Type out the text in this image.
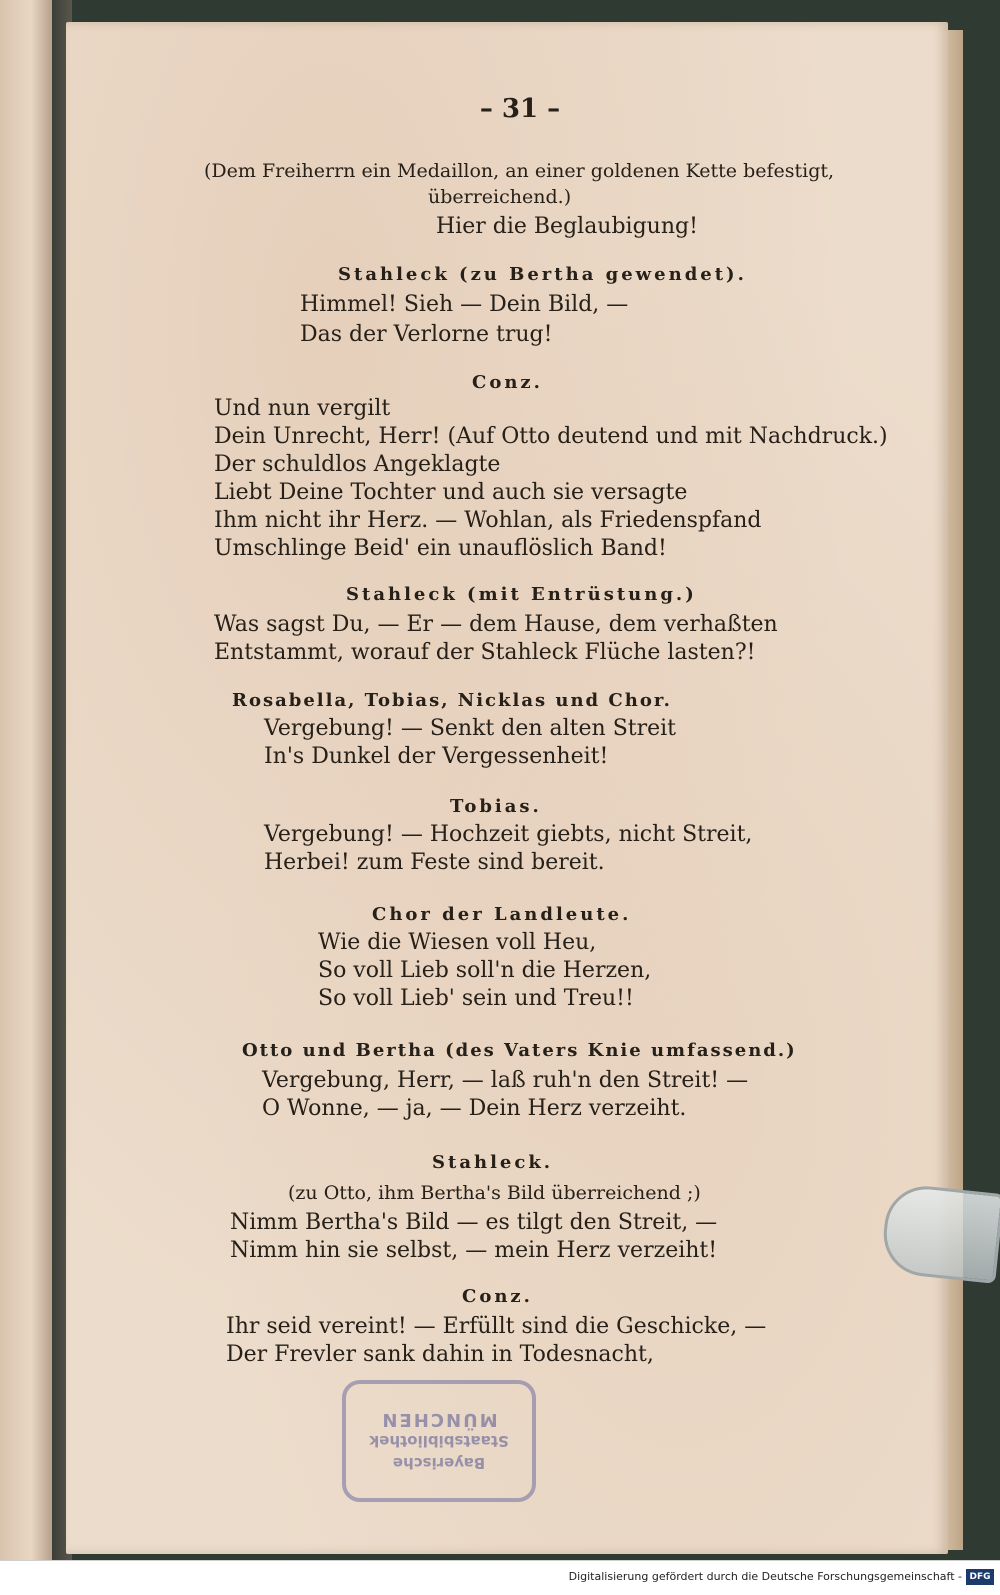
– 31 –

(Dem Freiherrn ein Medaillon, an einer goldenen Kette befestigt,

überreichend.)

Hier die Beglaubigung!

Stahleck (zu Bertha gewendet).

Himmel! Sieh — Dein Bild, —

Das der Verlorne trug!

Conz.

Und nun vergilt

Dein Unrecht, Herr! (Auf Otto deutend und mit Nachdruck.)

Der schuldlos Angeklagte

Liebt Deine Tochter und auch sie versagte

Ihm nicht ihr Herz. — Wohlan, als Friedenspfand

Umschlinge Beid' ein unauflöslich Band!

Stahleck (mit Entrüstung.)

Was sagst Du, — Er — dem Hause, dem verhaßten

Entstammt, worauf der Stahleck Flüche lasten?!

Rosabella, Tobias, Nicklas und Chor.

Vergebung! — Senkt den alten Streit

In's Dunkel der Vergessenheit!

Tobias.

Vergebung! — Hochzeit giebts, nicht Streit,

Herbei! zum Feste sind bereit.

Chor der Landleute.

Wie die Wiesen voll Heu,

So voll Lieb soll'n die Herzen,

So voll Lieb' sein und Treu!!

Otto und Bertha (des Vaters Knie umfassend.)

Vergebung, Herr, — laß ruh'n den Streit! —

O Wonne, — ja, — Dein Herz verzeiht.

Stahleck.

(zu Otto, ihm Bertha's Bild überreichend ;)

Nimm Bertha's Bild — es tilgt den Streit, —

Nimm hin sie selbst, — mein Herz verzeiht!

Conz.

Ihr seid vereint! — Erfüllt sind die Geschicke, —

Der Frevler sank dahin in Todesnacht,

Bayerische
Staatsbibliothek
MÜNCHEN
Digitalisierung gefördert durch die Deutsche Forschungsgemeinschaft - DFG
